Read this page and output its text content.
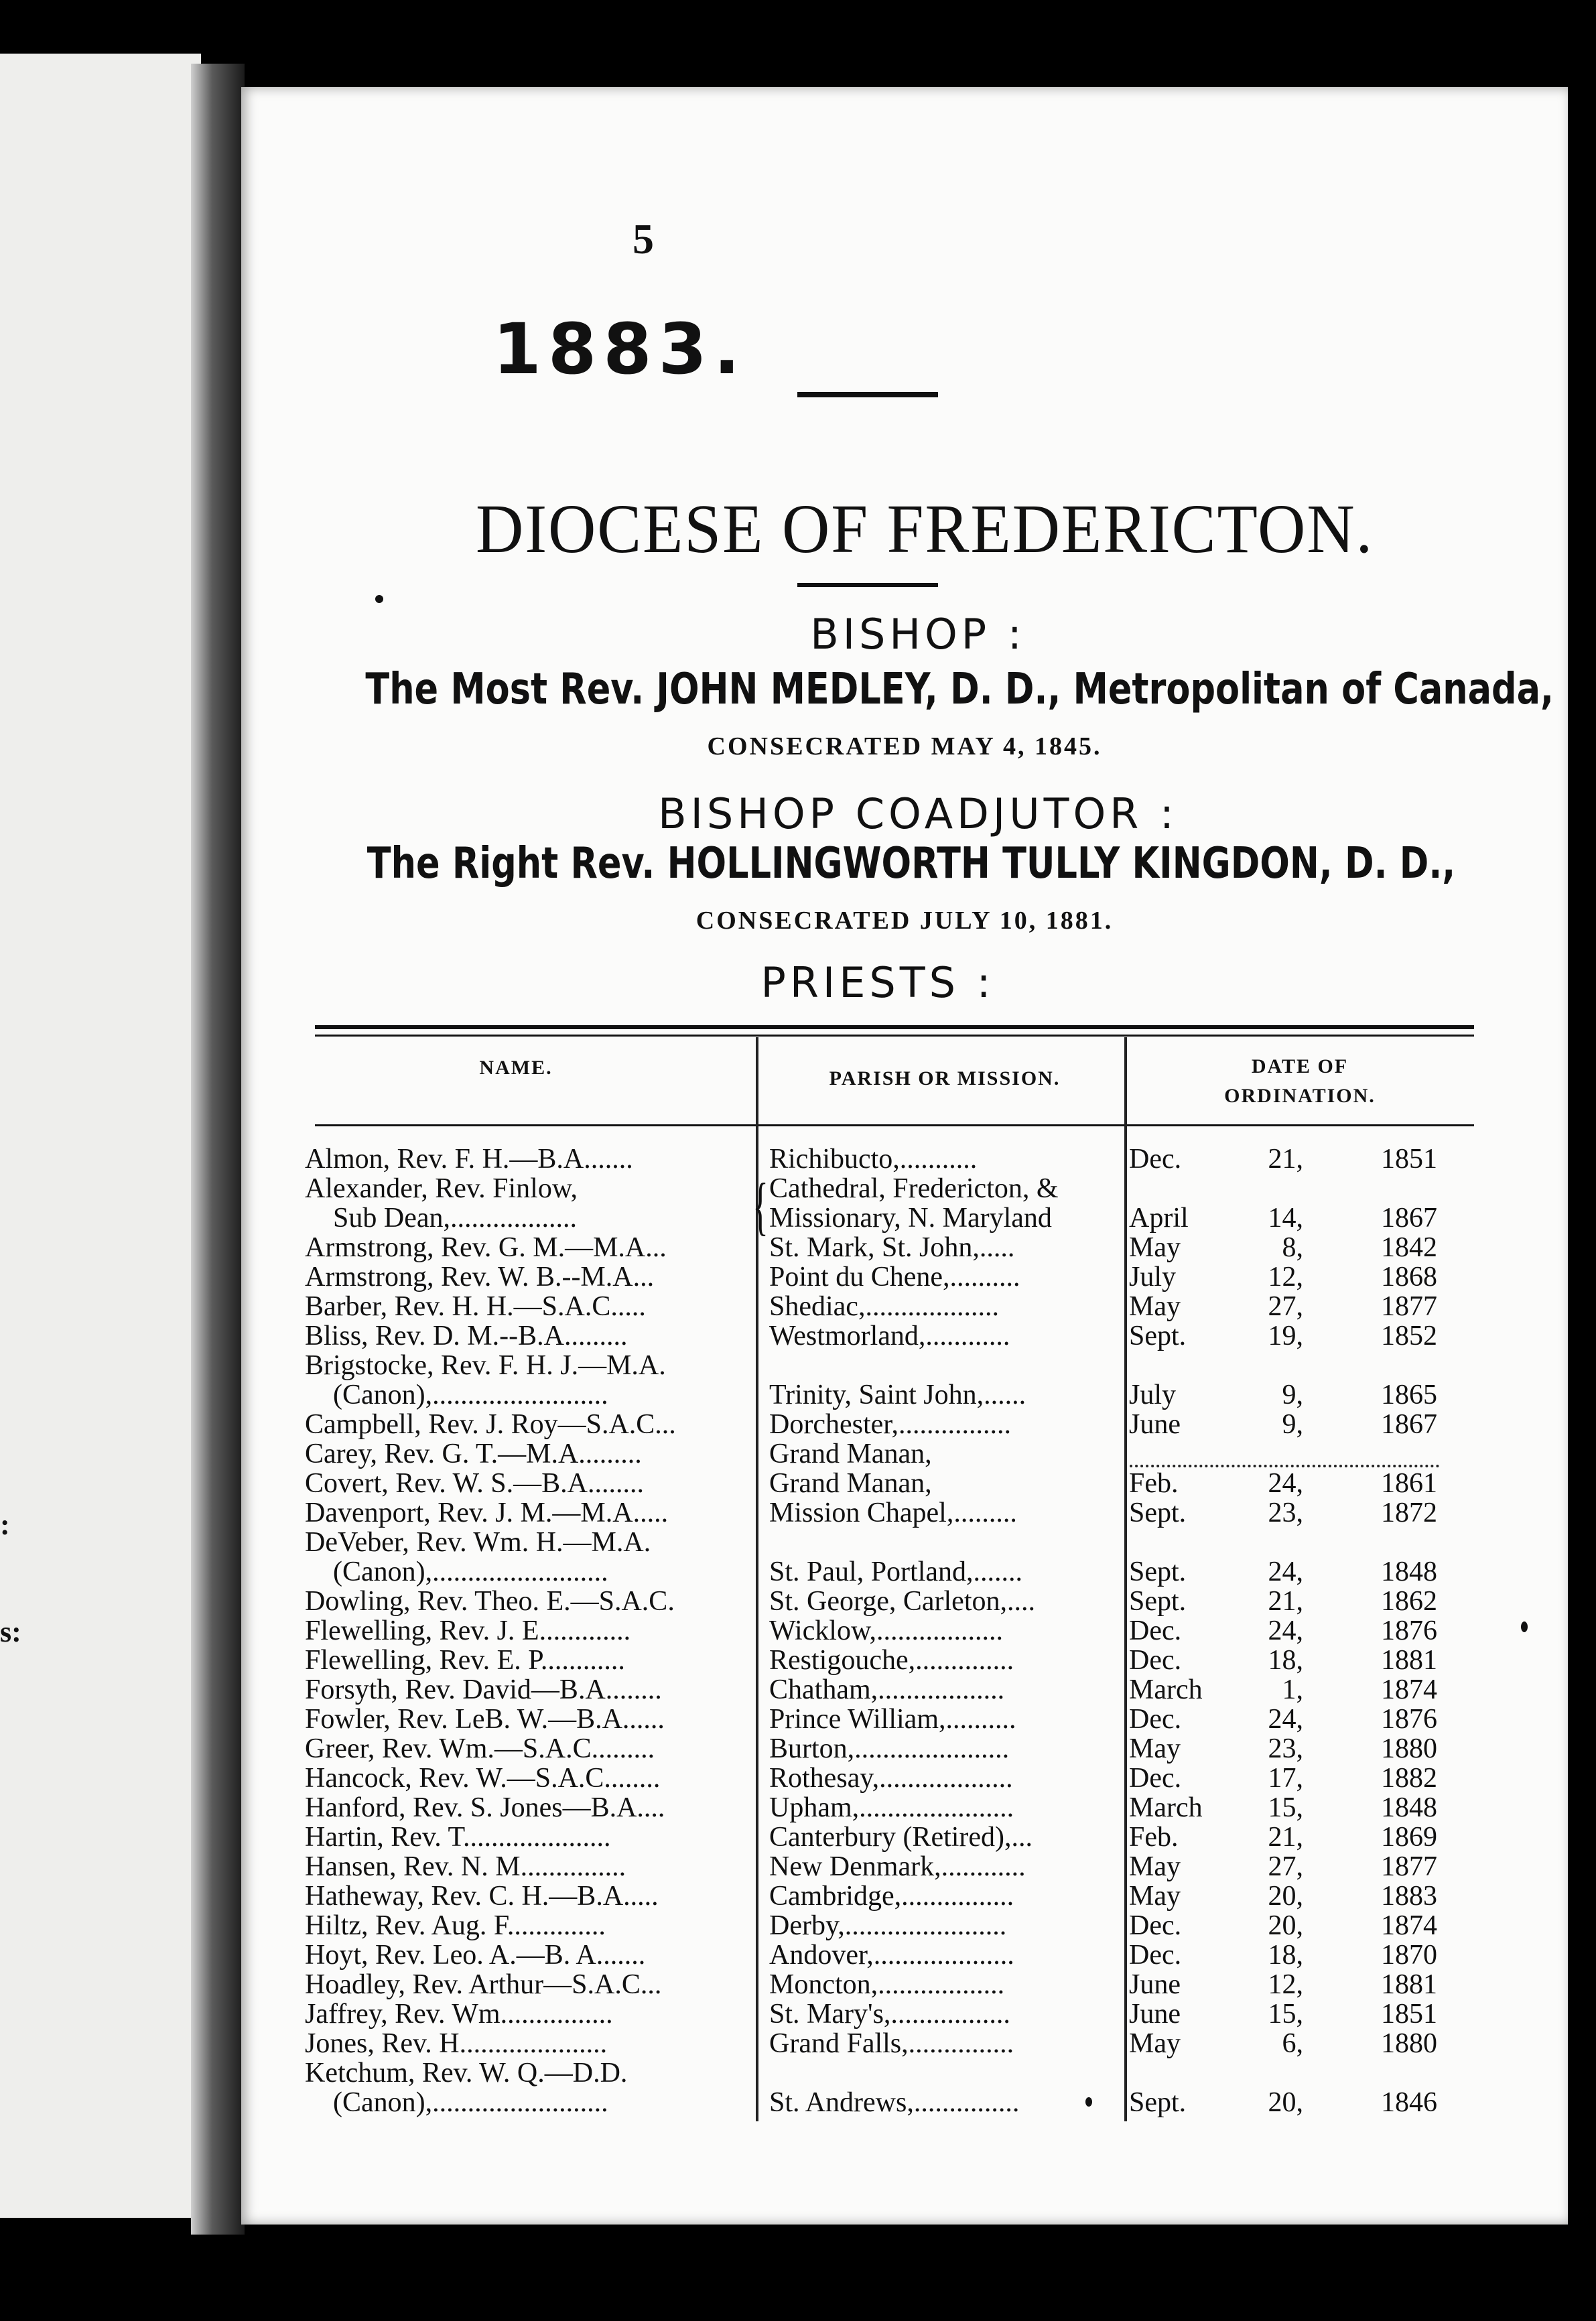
:
s:
5
1883.
DIOCESE OF FREDERICTON.
BISHOP :
The Most Rev. JOHN MEDLEY, D. D., Metropolitan of Canada,
CONSECRATED MAY 4, 1845.
BISHOP COADJUTOR :
The Right Rev. HOLLINGWORTH TULLY KINGDON, D. D.,
CONSECRATED JULY 10, 1881.
PRIESTS :
NAME.	PARISH OR MISSION.
DATE OF
ORDINATION.
{
Almon, Rev. F. H.—B.A.......	Richibucto,...........	Dec.	21,	1851
Alexander, Rev. Finlow,	Cathedral, Fredericton, &
Sub Dean,..................	Missionary, N. Maryland	April	14,	1867
Armstrong, Rev. G. M.—M.A...	St. Mark, St. John,.....	May	8,	1842
Armstrong, Rev. W. B.--M.A...	Point du Chene,..........	July	12,	1868
Barber, Rev. H. H.—S.A.C.....	Shediac,...................	May	27,	1877
Bliss, Rev. D. M.--B.A.........	Westmorland,............	Sept.	19,	1852
Brigstocke, Rev. F. H. J.—M.A.
(Canon),.........................	Trinity, Saint John,......	July	9,	1865
Campbell, Rev. J. Roy—S.A.C...	Dorchester,................	June	9,	1867
Carey, Rev. G. T.—M.A.........	Grand Manan,
Covert, Rev. W. S.—B.A........	Grand Manan,	Feb.	24,	1861
Davenport, Rev. J. M.—M.A.....	Mission Chapel,.........	Sept.	23,	1872
DeVeber, Rev. Wm. H.—M.A.
(Canon),.........................	St. Paul, Portland,.......	Sept.	24,	1848
Dowling, Rev. Theo. E.—S.A.C.	St. George, Carleton,....	Sept.	21,	1862
Flewelling, Rev. J. E.............	Wicklow,..................	Dec.	24,	1876
Flewelling, Rev. E. P............	Restigouche,..............	Dec.	18,	1881
Forsyth, Rev. David—B.A........	Chatham,..................	March	1,	1874
Fowler, Rev. LeB. W.—B.A......	Prince William,..........	Dec.	24,	1876
Greer, Rev. Wm.—S.A.C.........	Burton,......................	May	23,	1880
Hancock, Rev. W.—S.A.C........	Rothesay,...................	Dec.	17,	1882
Hanford, Rev. S. Jones—B.A....	Upham,......................	March	15,	1848
Hartin, Rev. T.....................	Canterbury (Retired),...	Feb.	21,	1869
Hansen, Rev. N. M...............	New Denmark,............	May	27,	1877
Hatheway, Rev. C. H.—B.A.....	Cambridge,................	May	20,	1883
Hiltz, Rev. Aug. F..............	Derby,.......................	Dec.	20,	1874
Hoyt, Rev. Leo. A.—B. A.......	Andover,....................	Dec.	18,	1870
Hoadley, Rev. Arthur—S.A.C...	Moncton,..................	June	12,	1881
Jaffrey, Rev. Wm................	St. Mary's,.................	June	15,	1851
Jones, Rev. H.....................	Grand Falls,...............	May	6,	1880
Ketchum, Rev. W. Q.—D.D.
(Canon),.........................	St. Andrews,...............	Sept.	20,	1846
